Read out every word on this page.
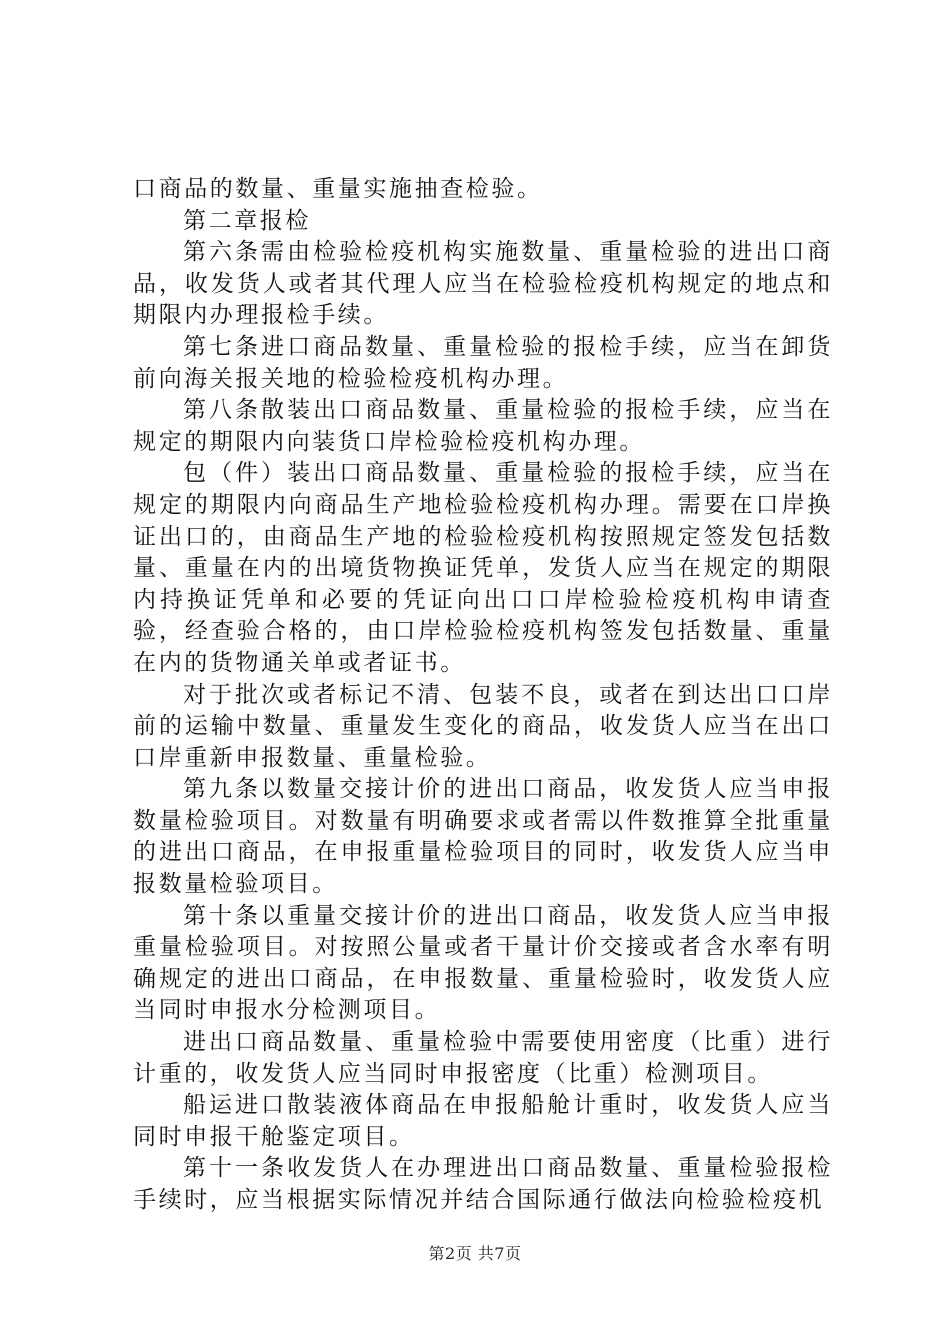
口商品的数量、重量实施抽查检验。

第二章报检

第六条需由检验检疫机构实施数量、重量检验的进出口商品，收发货人或者其代理人应当在检验检疫机构规定的地点和期限内办理报检手续。

第七条进口商品数量、重量检验的报检手续，应当在卸货前向海关报关地的检验检疫机构办理。

第八条散装出口商品数量、重量检验的报检手续，应当在规定的期限内向装货口岸检验检疫机构办理。

包（件）装出口商品数量、重量检验的报检手续，应当在规定的期限内向商品生产地检验检疫机构办理。需要在口岸换证出口的，由商品生产地的检验检疫机构按照规定签发包括数量、重量在内的出境货物换证凭单，发货人应当在规定的期限内持换证凭单和必要的凭证向出口口岸检验检疫机构申请查验，经查验合格的，由口岸检验检疫机构签发包括数量、重量在内的货物通关单或者证书。

对于批次或者标记不清、包装不良，或者在到达出口口岸前的运输中数量、重量发生变化的商品，收发货人应当在出口口岸重新申报数量、重量检验。

第九条以数量交接计价的进出口商品，收发货人应当申报数量检验项目。对数量有明确要求或者需以件数推算全批重量的进出口商品，在申报重量检验项目的同时，收发货人应当申报数量检验项目。

第十条以重量交接计价的进出口商品，收发货人应当申报重量检验项目。对按照公量或者干量计价交接或者含水率有明确规定的进出口商品，在申报数量、重量检验时，收发货人应当同时申报水分检测项目。

进出口商品数量、重量检验中需要使用密度（比重）进行计重的，收发货人应当同时申报密度（比重）检测项目。

船运进口散装液体商品在申报船舱计重时，收发货人应当同时申报干舱鉴定项目。

第十一条收发货人在办理进出口商品数量、重量检验报检手续时，应当根据实际情况并结合国际通行做法向检验检疫机

第2页 共7页
